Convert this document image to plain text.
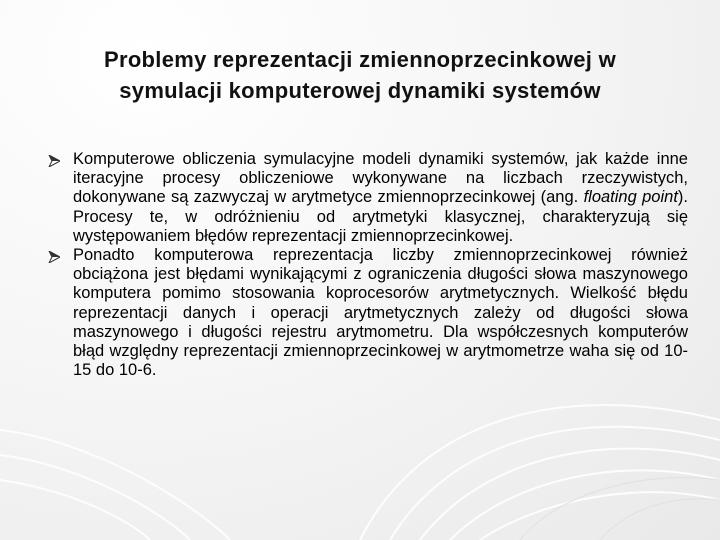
Problemy reprezentacji zmiennoprzecinkowej w
symulacji komputerowej dynamiki systemów
Komputerowe obliczenia symulacyjne modeli dynamiki systemów, jak każde inne iteracyjne procesy obliczeniowe wykonywane na liczbach rzeczywistych, dokonywane są zazwyczaj w arytmetyce zmiennoprzecinkowej (ang. floating point). Procesy te, w odróżnieniu od arytmetyki klasycznej, charakteryzują się występowaniem błędów reprezentacji zmiennoprzecinkowej.
Ponadto komputerowa reprezentacja liczby zmiennoprzecinkowej również obciążona jest błędami wynikającymi z ograniczenia długości słowa maszynowego komputera pomimo stosowania koprocesorów arytmetycznych. Wielkość błędu reprezentacji danych i operacji arytmetycznych zależy od długości słowa maszynowego i długości rejestru arytmometru. Dla współczesnych komputerów błąd względny reprezentacji zmiennoprzecinkowej w arytmometrze waha się od 10-15 do 10-6.
